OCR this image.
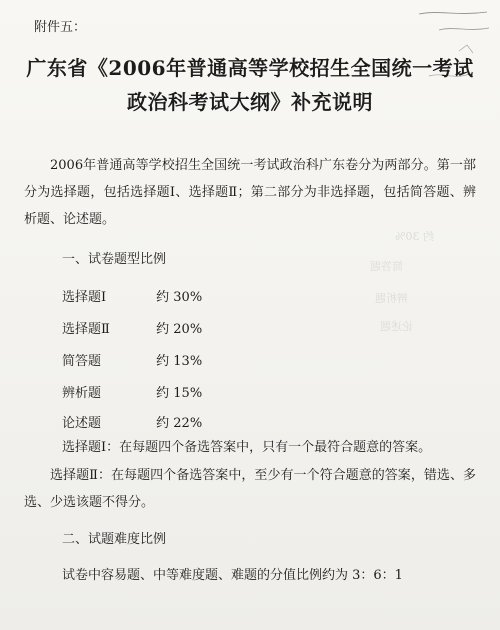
约 30%
简答题
辨析题
论述题
附件五：
广东省《2006年普通高等学校招生全国统一考试
政治科考试大纲》补充说明
2006年普通高等学校招生全国统一考试政治科广东卷分为两部分。第一部分为选择题，包括选择题Ⅰ、选择题Ⅱ；第二部分为非选择题，包括简答题、辨析题、论述题。
一、试卷题型比例
选择题Ⅰ	约 30%
选择题Ⅱ	约 20%
简答题	约 13%
辨析题	约 15%
论述题	约 22%
选择题Ⅰ：在每题四个备选答案中，只有一个最符合题意的答案。
选择题Ⅱ：在每题四个备选答案中，至少有一个符合题意的答案，错选、多选、少选该题不得分。
二、试题难度比例
试卷中容易题、中等难度题、难题的分值比例约为 3：6：1
